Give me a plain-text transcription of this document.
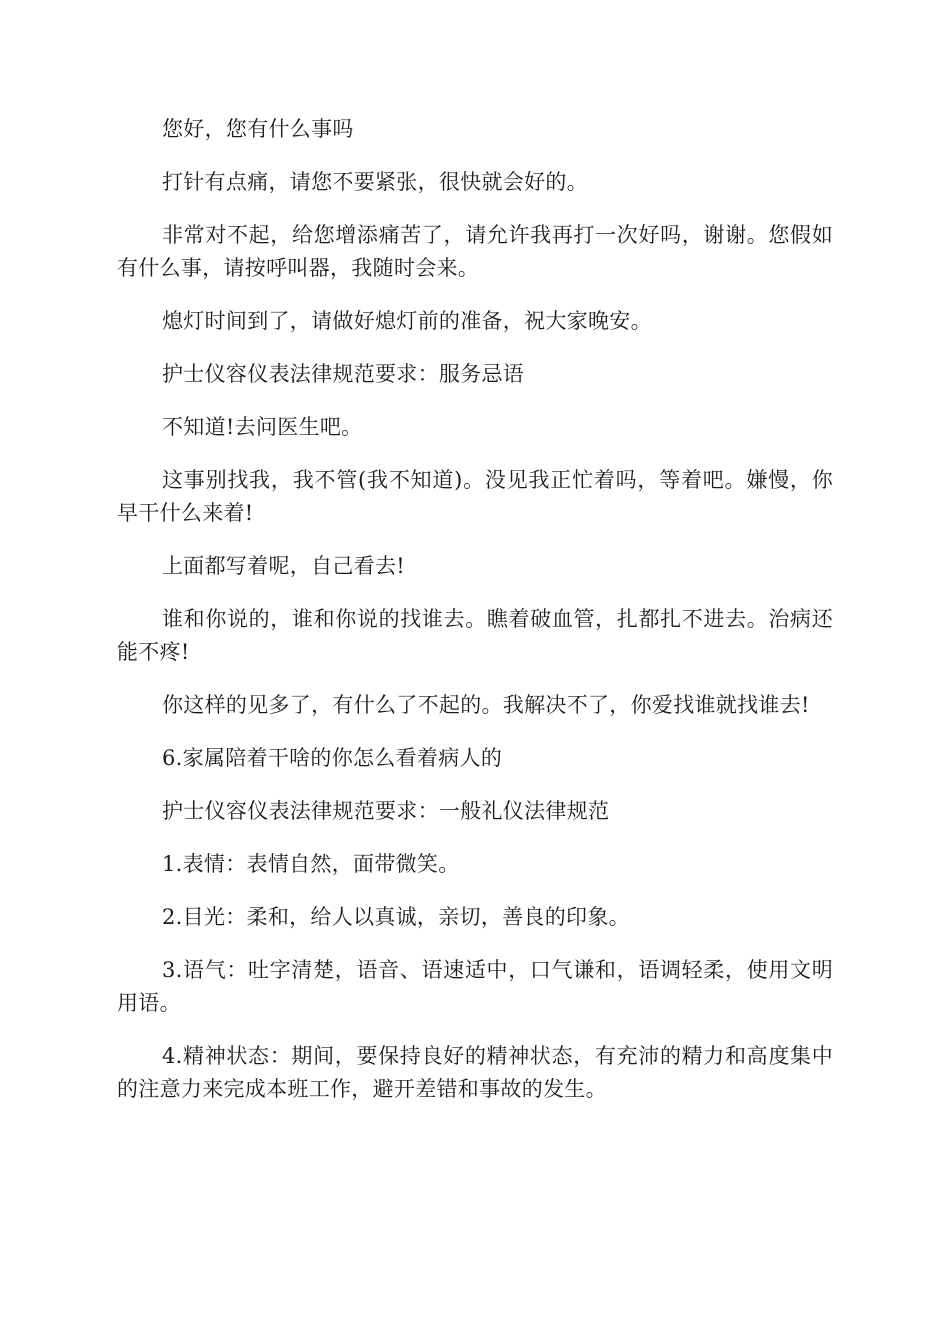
您好，您有什么事吗

打针有点痛，请您不要紧张，很快就会好的。

非常对不起，给您增添痛苦了，请允许我再打一次好吗，谢谢。您假如有什么事，请按呼叫器，我随时会来。

熄灯时间到了，请做好熄灯前的准备，祝大家晚安。

护士仪容仪表法律规范要求：服务忌语

不知道!去问医生吧。

这事别找我，我不管(我不知道)。没见我正忙着吗，等着吧。嫌慢，你早干什么来着!

上面都写着呢，自己看去!

谁和你说的，谁和你说的找谁去。瞧着破血管，扎都扎不进去。治病还能不疼!

你这样的见多了，有什么了不起的。我解决不了，你爱找谁就找谁去!

6.家属陪着干啥的你怎么看着病人的

护士仪容仪表法律规范要求：一般礼仪法律规范

1.表情：表情自然，面带微笑。

2.目光：柔和，给人以真诚，亲切，善良的印象。

3.语气：吐字清楚，语音、语速适中，口气谦和，语调轻柔，使用文明用语。

4.精神状态：期间，要保持良好的精神状态，有充沛的精力和高度集中的注意力来完成本班工作，避开差错和事故的发生。
